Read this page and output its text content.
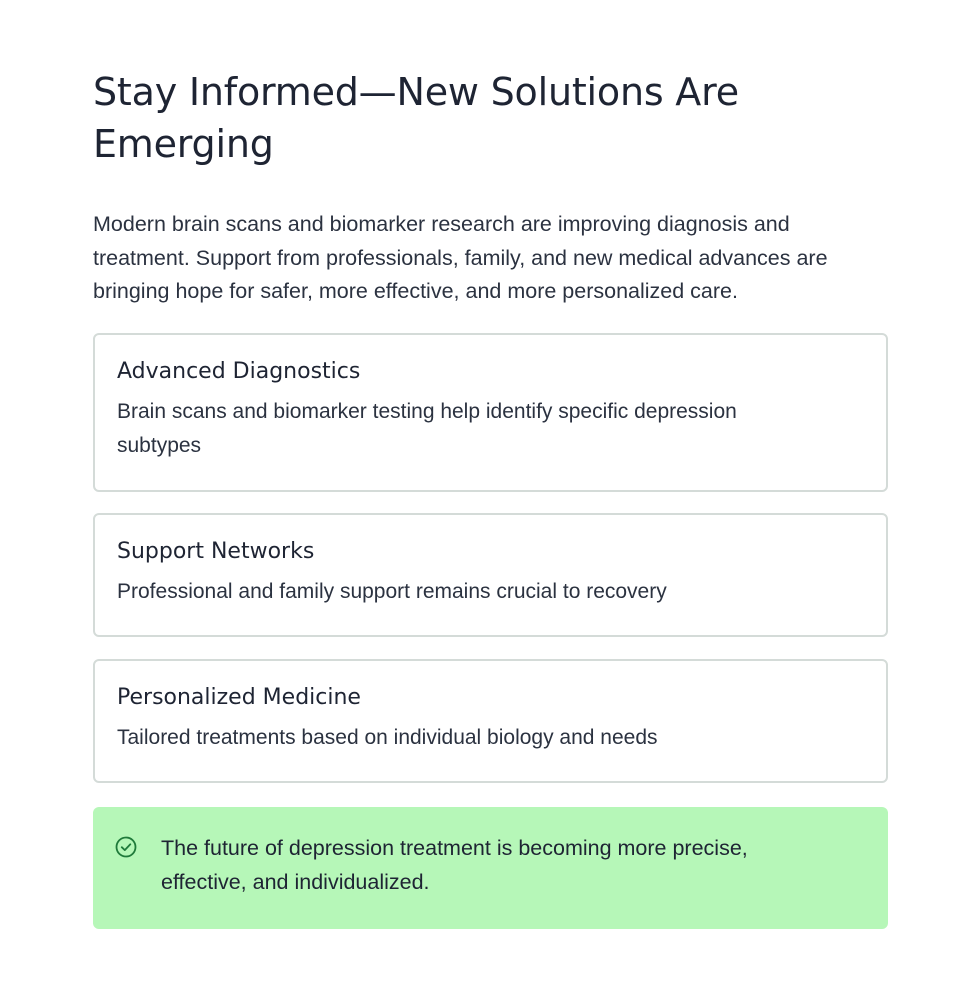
Stay Informed—New Solutions Are Emerging

Modern brain scans and biomarker research are improving diagnosis and treatment. Support from professionals, family, and new medical advances are bringing hope for safer, more effective, and more personalized care.

Advanced Diagnostics

Brain scans and biomarker testing help identify specific depression subtypes

Support Networks

Professional and family support remains crucial to recovery

Personalized Medicine

Tailored treatments based on individual biology and needs

The future of depression treatment is becoming more precise, effective, and individualized.
